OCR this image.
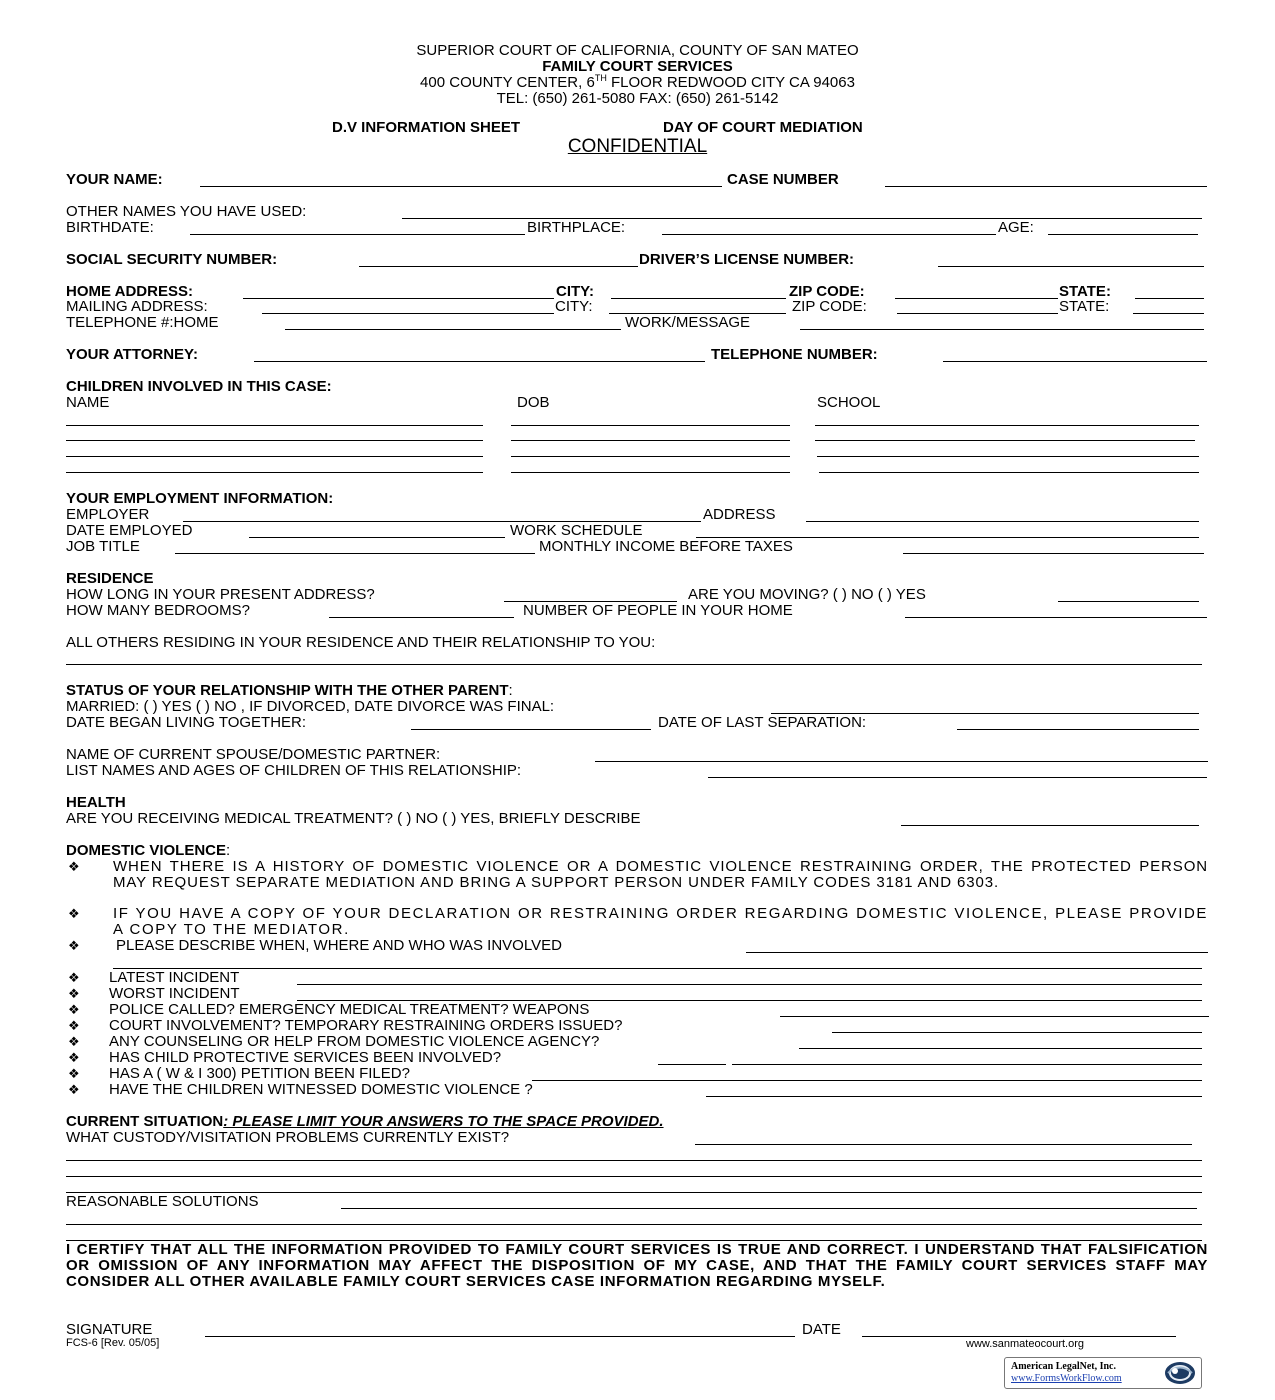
SUPERIOR COURT OF CALIFORNIA, COUNTY OF SAN MATEO
FAMILY COURT SERVICES
400 COUNTY CENTER, 6TH FLOOR REDWOOD CITY CA 94063
TEL: (650) 261-5080 FAX: (650) 261-5142
D.V INFORMATION SHEET	DAY OF COURT MEDIATION
CONFIDENTIAL
YOUR NAME:	CASE NUMBER
OTHER NAMES YOU HAVE USED:
BIRTHDATE:	BIRTHPLACE:	AGE:
SOCIAL SECURITY NUMBER:	DRIVER’S LICENSE NUMBER:
HOME ADDRESS:	CITY:	ZIP CODE:	STATE:
MAILING ADDRESS:	CITY:	ZIP CODE:	STATE:
TELEPHONE #:HOME	WORK/MESSAGE
YOUR ATTORNEY:	TELEPHONE NUMBER:
CHILDREN INVOLVED IN THIS CASE:
NAME	DOB	SCHOOL
YOUR EMPLOYMENT INFORMATION:
EMPLOYER	ADDRESS
DATE EMPLOYED	WORK SCHEDULE
JOB TITLE	MONTHLY INCOME BEFORE TAXES
RESIDENCE
HOW LONG IN YOUR PRESENT ADDRESS?	ARE YOU MOVING? ( ) NO ( ) YES
HOW MANY BEDROOMS?	NUMBER OF PEOPLE IN YOUR HOME
ALL OTHERS RESIDING IN YOUR RESIDENCE AND THEIR RELATIONSHIP TO YOU:
STATUS OF YOUR RELATIONSHIP WITH THE OTHER PARENT:
MARRIED: ( ) YES ( ) NO , IF DIVORCED, DATE DIVORCE WAS FINAL:
DATE BEGAN LIVING TOGETHER:	DATE OF LAST SEPARATION:
NAME OF CURRENT SPOUSE/DOMESTIC PARTNER:
LIST NAMES AND AGES OF CHILDREN OF THIS RELATIONSHIP:
HEALTH
ARE YOU RECEIVING MEDICAL TREATMENT? ( ) NO ( ) YES, BRIEFLY DESCRIBE
DOMESTIC VIOLENCE:
❖ WHEN THERE IS A HISTORY OF DOMESTIC VIOLENCE OR A DOMESTIC VIOLENCE RESTRAINING ORDER, THE PROTECTED PERSON MAY REQUEST SEPARATE MEDIATION AND BRING A SUPPORT PERSON UNDER FAMILY CODES 3181 AND 6303.
❖ IF YOU HAVE A COPY OF YOUR DECLARATION OR RESTRAINING ORDER REGARDING DOMESTIC VIOLENCE, PLEASE PROVIDE A COPY TO THE MEDIATOR.
❖ PLEASE DESCRIBE WHEN, WHERE AND WHO WAS INVOLVED
❖ LATEST INCIDENT
❖ WORST INCIDENT
❖ POLICE CALLED? EMERGENCY MEDICAL TREATMENT? WEAPONS
❖ COURT INVOLVEMENT? TEMPORARY RESTRAINING ORDERS ISSUED?
❖ ANY COUNSELING OR HELP FROM DOMESTIC VIOLENCE AGENCY?
❖ HAS CHILD PROTECTIVE SERVICES BEEN INVOLVED?
❖ HAS A ( W & I 300) PETITION BEEN FILED?
❖ HAVE THE CHILDREN WITNESSED DOMESTIC VIOLENCE ?
CURRENT SITUATION: PLEASE LIMIT YOUR ANSWERS TO THE SPACE PROVIDED.
WHAT CUSTODY/VISITATION PROBLEMS CURRENTLY EXIST?
REASONABLE SOLUTIONS
I CERTIFY THAT ALL THE INFORMATION PROVIDED TO FAMILY COURT SERVICES IS TRUE AND CORRECT. I UNDERSTAND THAT FALSIFICATION OR OMISSION OF ANY INFORMATION MAY AFFECT THE DISPOSITION OF MY CASE, AND THAT THE FAMILY COURT SERVICES STAFF MAY CONSIDER ALL OTHER AVAILABLE FAMILY COURT SERVICES CASE INFORMATION REGARDING MYSELF.
SIGNATURE	DATE
FCS-6 [Rev. 05/05]	www.sanmateocourt.org
American LegalNet, Inc.
www.FormsWorkFlow.com
